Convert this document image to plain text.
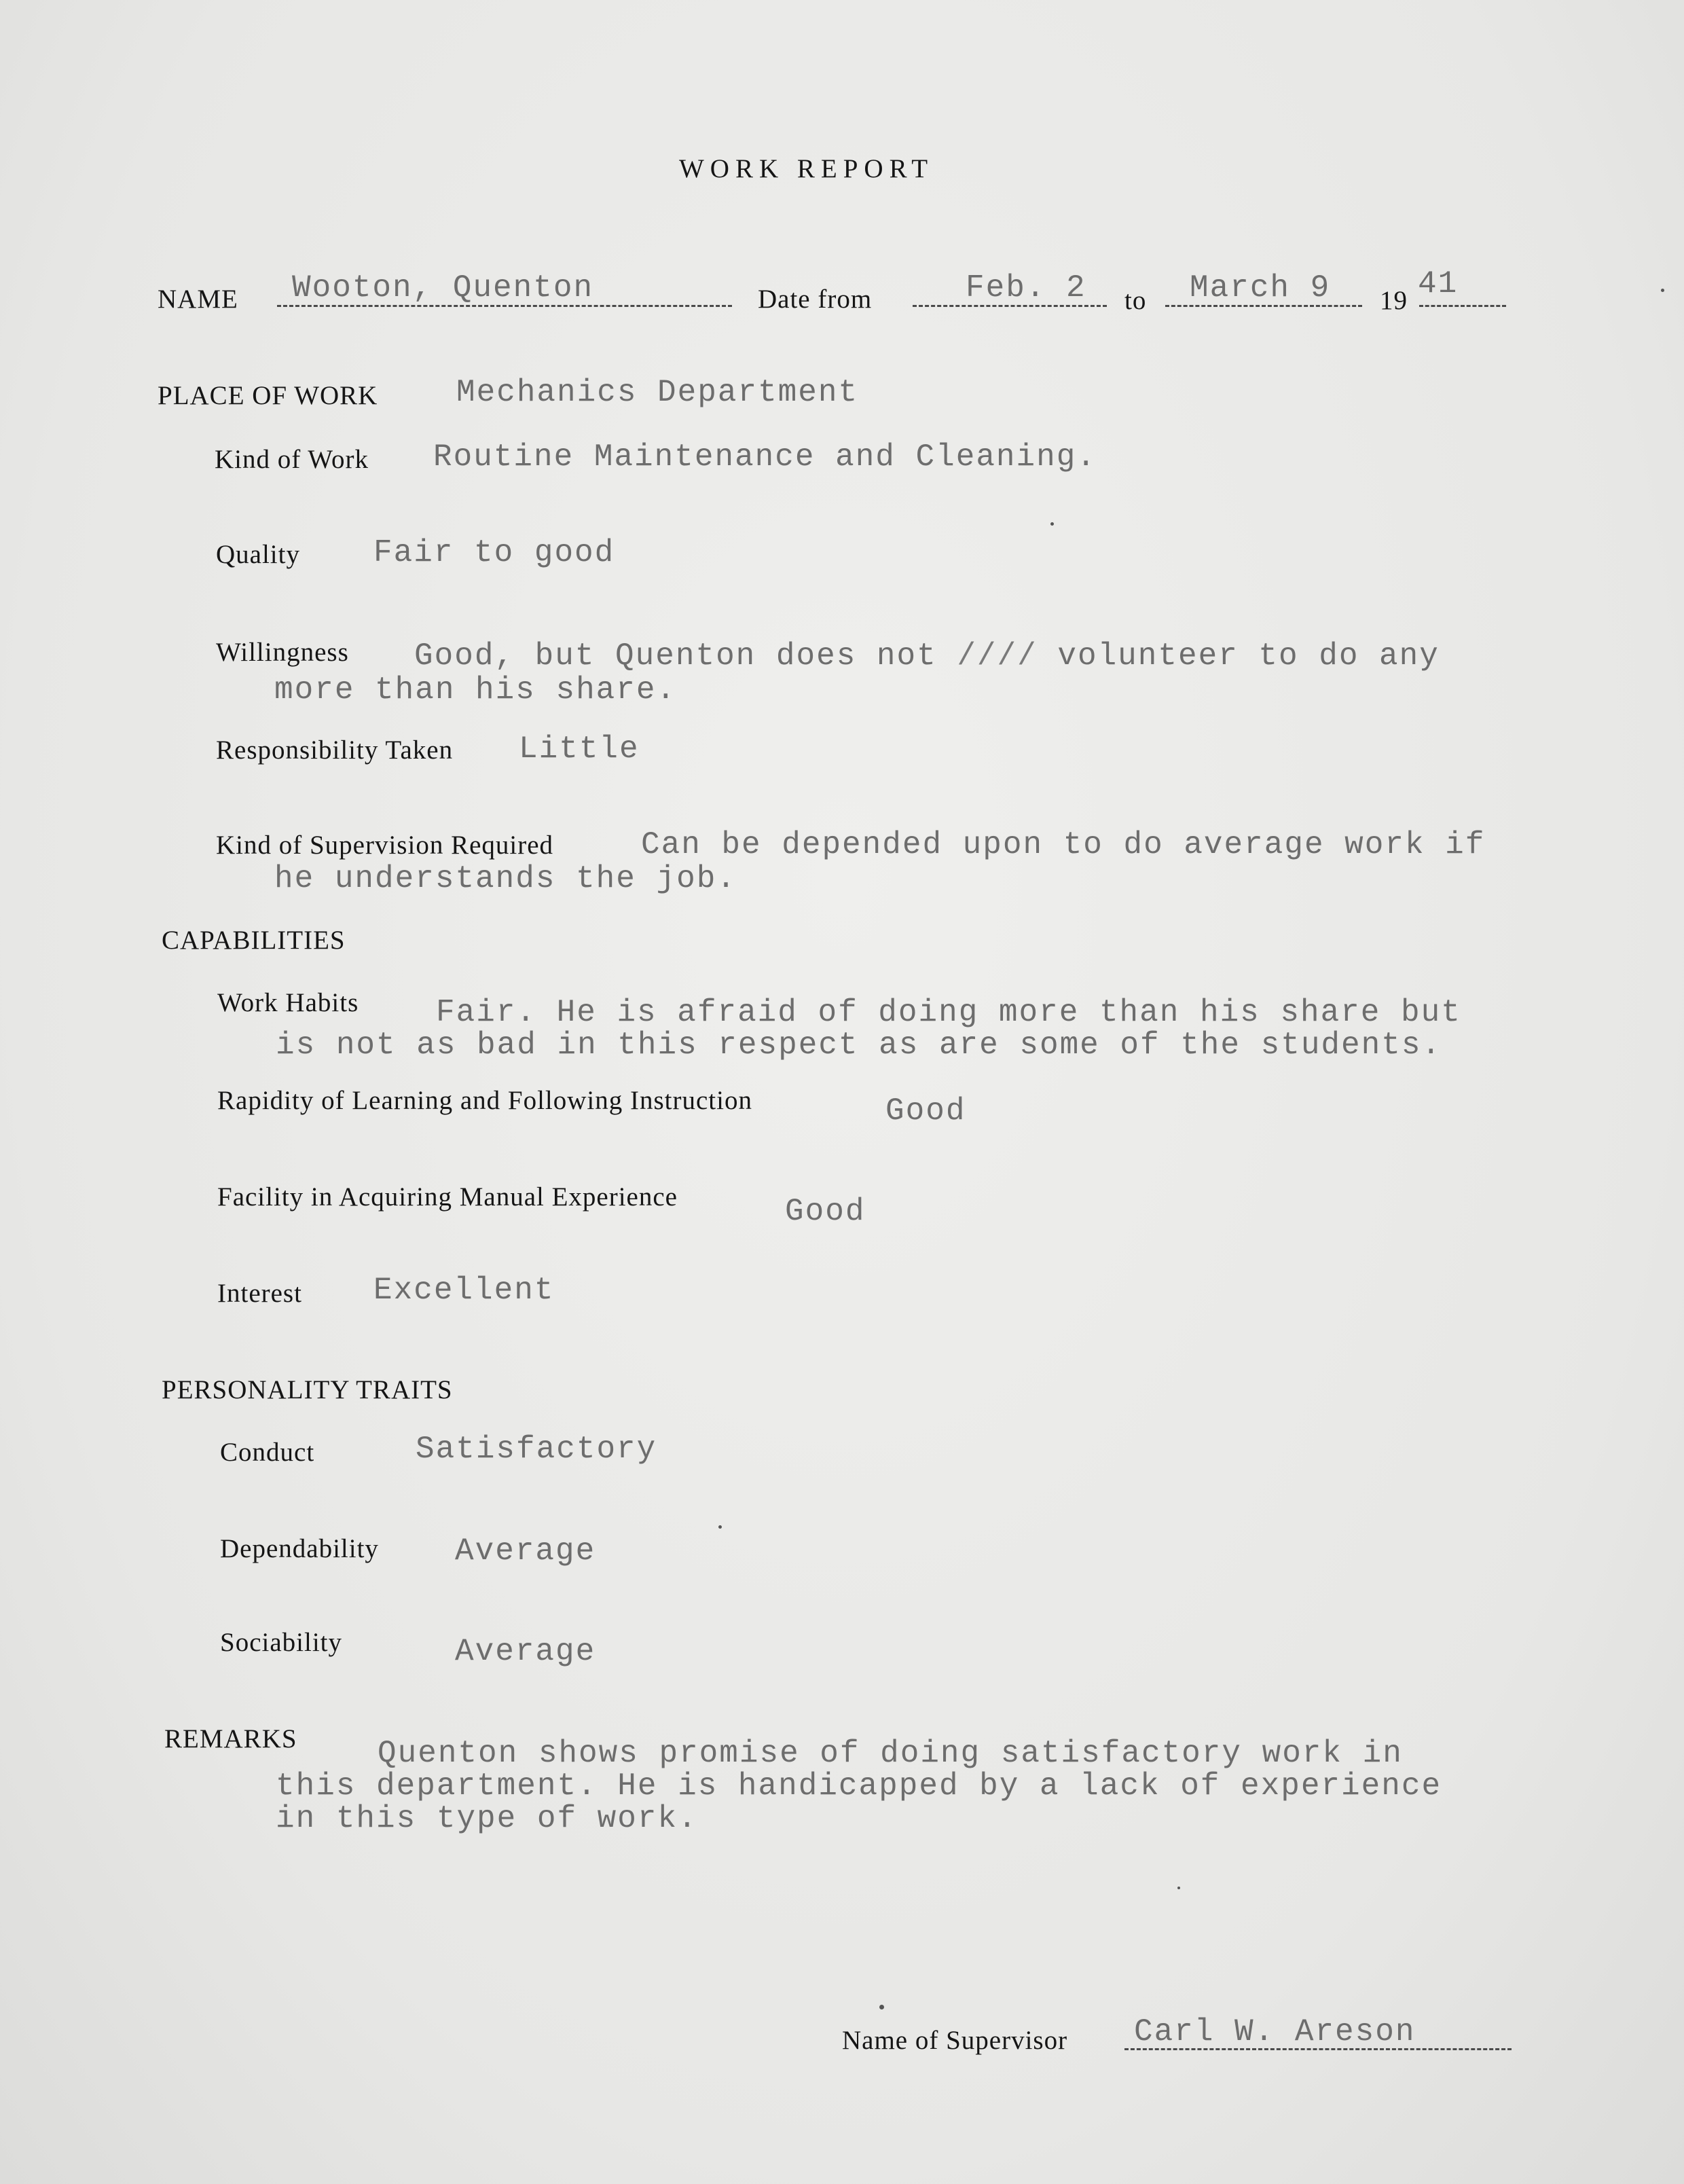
WORK REPORT
NAME Wooton, Quenton	Date from	Feb. 2 to March 9 19 41
PLACE OF WORK	Mechanics Department
Kind of Work Routine Maintenance and Cleaning.
Quality Fair to good
Willingness Good, but Quenton does not //// volunteer to do any
more than his share.
Responsibility Taken Little
Kind of Supervision Required	Can be depended upon to do average work if
he understands the job.
CAPABILITIES
Work Habits Fair. He is afraid of doing more than his share but
is not as bad in this respect as are some of the students.
Rapidity of Learning and Following Instruction	Good
Facility in Acquiring Manual Experience	Good
Interest Excellent
PERSONALITY TRAITS
Conduct	Satisfactory
Dependability Average
Sociability	Average
REMARKS	Quenton shows promise of doing satisfactory work in
this department. He is handicapped by a lack of experience
in this type of work.
Name of Supervisor Carl W. Areson
